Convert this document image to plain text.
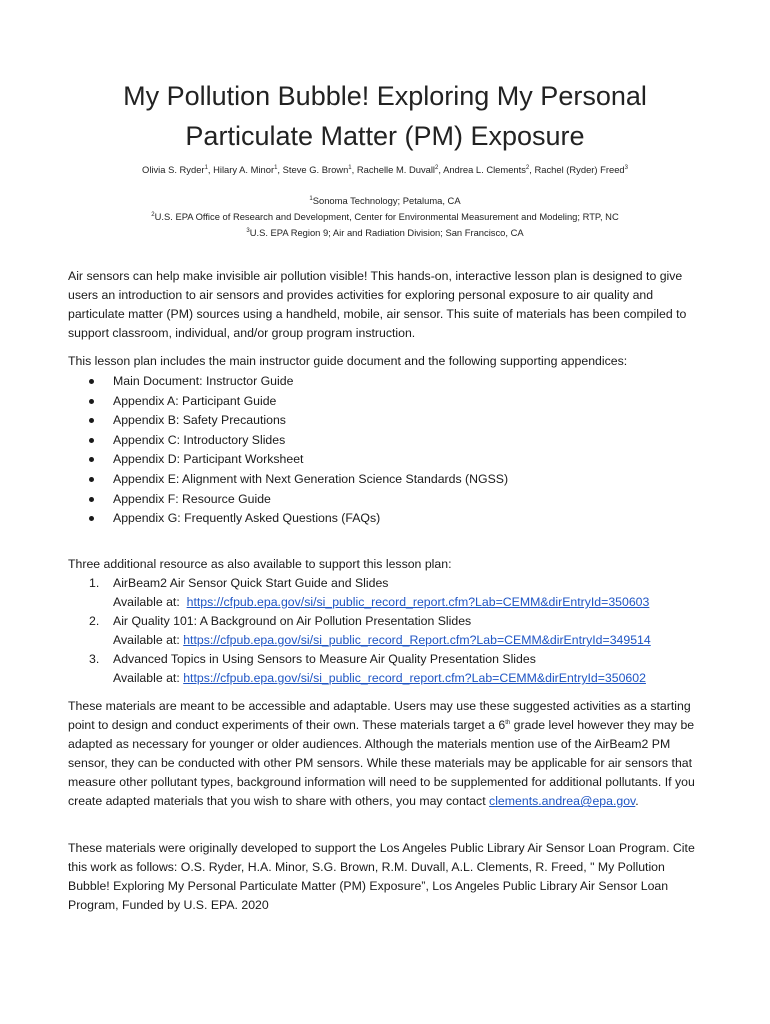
My Pollution Bubble! Exploring My Personal
Particulate Matter (PM) Exposure
Olivia S. Ryder$^1$, Hilary A. Minor$^1$, Steve G. Brown$^1$, Rachelle M. Duvall$^2$, Andrea L. Clements$^2$, Rachel (Ryder) Freed$^3$
$^1$Sonoma Technology; Petaluma, CA
$^2$U.S. EPA Office of Research and Development, Center for Environmental Measurement and Modeling; RTP, NC
$^3$U.S. EPA Region 9; Air and Radiation Division; San Francisco, CA

Air sensors can help make invisible air pollution visible! This hands-on, interactive lesson plan is designed to give users an introduction to air sensors and provides activities for exploring personal exposure to air quality and particulate matter (PM) sources using a handheld, mobile, air sensor. This suite of materials has been compiled to support classroom, individual, and/or group program instruction.

This lesson plan includes the main instructor guide document and the following supporting appendices:
Main Document: Instructor Guide
Appendix A: Participant Guide
Appendix B: Safety Precautions
Appendix C: Introductory Slides
Appendix D: Participant Worksheet
Appendix E: Alignment with Next Generation Science Standards (NGSS)
Appendix F: Resource Guide
Appendix G: Frequently Asked Questions (FAQs)
Three additional resource as also available to support this lesson plan:
1. AirBeam2 Air Sensor Quick Start Guide and Slides
Available at:  https://cfpub.epa.gov/si/si_public_record_report.cfm?Lab=CEMM&dirEntryId=350603
2. Air Quality 101: A Background on Air Pollution Presentation Slides
Available at: https://cfpub.epa.gov/si/si_public_record_Report.cfm?Lab=CEMM&dirEntryId=349514
3. Advanced Topics in Using Sensors to Measure Air Quality Presentation Slides
Available at: https://cfpub.epa.gov/si/si_public_record_report.cfm?Lab=CEMM&dirEntryId=350602

These materials are meant to be accessible and adaptable. Users may use these suggested activities as a starting point to design and conduct experiments of their own. These materials target a 6th grade level however they may be adapted as necessary for younger or older audiences. Although the materials mention use of the AirBeam2 PM sensor, they can be conducted with other PM sensors. While these materials may be applicable for air sensors that measure other pollutant types, background information will need to be supplemented for additional pollutants. If you create adapted materials that you wish to share with others, you may contact clements.andrea@epa.gov.

These materials were originally developed to support the Los Angeles Public Library Air Sensor Loan Program. Cite this work as follows: O.S. Ryder, H.A. Minor, S.G. Brown, R.M. Duvall, A.L. Clements, R. Freed, " My Pollution Bubble! Exploring My Personal Particulate Matter (PM) Exposure”, Los Angeles Public Library Air Sensor Loan Program, Funded by U.S. EPA. 2020
